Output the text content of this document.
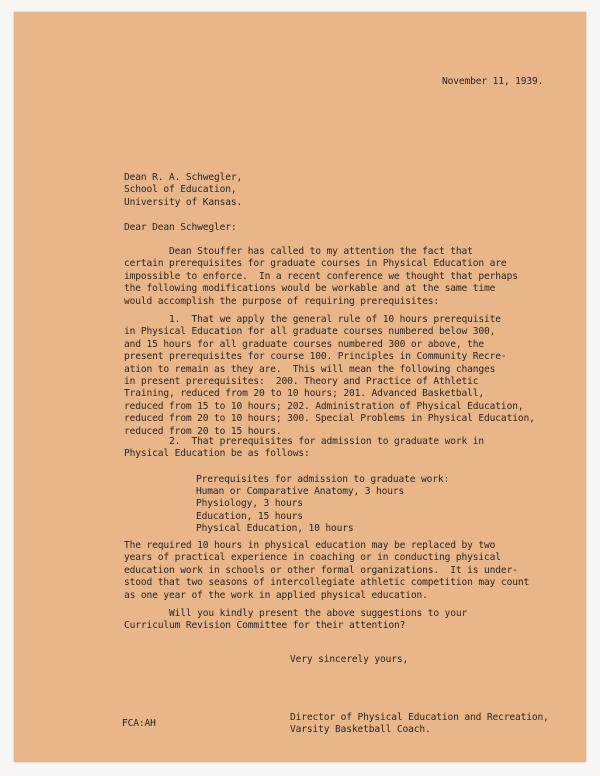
November 11, 1939.
Dean R. A. Schwegler,
School of Education,
University of Kansas.
Dear Dean Schwegler:
Dean Stouffer has called to my attention the fact that
certain prerequisites for graduate courses in Physical Education are
impossible to enforce.  In a recent conference we thought that perhaps
the following modifications would be workable and at the same time
would accomplish the purpose of requiring prerequisites:
1.  That we apply the general rule of 10 hours prerequisite
in Physical Education for all graduate courses numbered below 300,
and 15 hours for all graduate courses numbered 300 or above, the
present prerequisites for course 100. Principles in Community Recre-
ation to remain as they are.  This will mean the following changes
in present prerequisites:  200. Theory and Practice of Athletic
Training, reduced from 20 to 10 hours; 201. Advanced Basketball,
reduced from 15 to 10 hours; 202. Administration of Physical Education,
reduced from 20 to 10 hours; 300. Special Problems in Physical Education,
reduced from 20 to 15 hours.
2.  That prerequisites for admission to graduate work in
Physical Education be as follows:
Prerequisites for admission to graduate work:
Human or Comparative Anatomy, 3 hours
Physiology, 3 hours
Education, 15 hours
Physical Education, 10 hours
The required 10 hours in physical education may be replaced by two
years of practical experience in coaching or in conducting physical
education work in schools or other formal organizations.  It is under-
stood that two seasons of intercollegiate athletic competition may count
as one year of the work in applied physical education.
Will you kindly present the above suggestions to your
Curriculum Revision Committee for their attention?
Very sincerely yours,
FCA:AH
Director of Physical Education and Recreation,
Varsity Basketball Coach.
